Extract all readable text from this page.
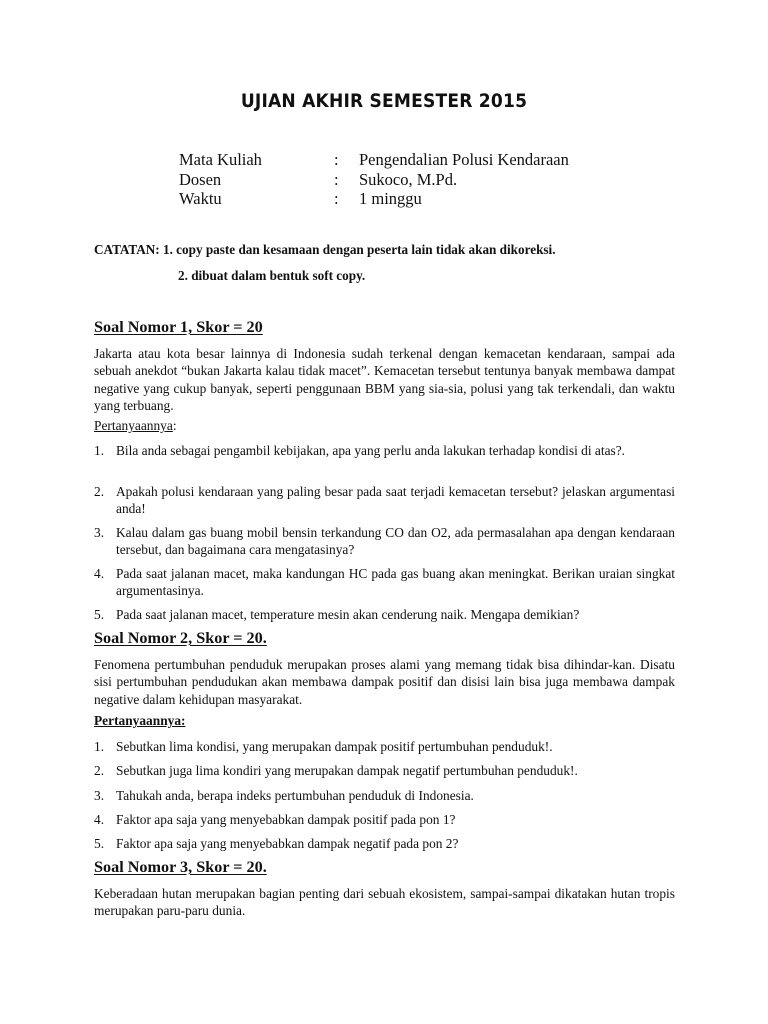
UJIAN AKHIR SEMESTER 2015
Mata Kuliah	:	Pengendalian Polusi Kendaraan
Dosen	:	Sukoco, M.Pd.
Waktu	:	1 minggu
CATATAN: 1. copy paste dan kesamaan dengan peserta lain tidak akan dikoreksi.
2. dibuat dalam bentuk soft copy.
Soal Nomor 1, Skor = 20
Jakarta atau kota besar lainnya di Indonesia sudah terkenal dengan kemacetan kendaraan, sampai ada sebuah anekdot “bukan Jakarta kalau tidak macet”. Kemacetan tersebut tentunya banyak membawa dampat negative yang cukup banyak, seperti penggunaan BBM yang sia-sia, polusi yang tak terkendali, dan waktu yang terbuang.
Pertanyaannya:
1. Bila anda sebagai pengambil kebijakan, apa yang perlu anda lakukan terhadap kondisi di atas?.
2. Apakah polusi kendaraan yang paling besar pada saat terjadi kemacetan tersebut? jelaskan argumentasi anda!
3. Kalau dalam gas buang mobil bensin terkandung CO dan O2, ada permasalahan apa dengan kendaraan tersebut, dan bagaimana cara mengatasinya?
4. Pada saat jalanan macet, maka kandungan HC pada gas buang akan meningkat. Berikan uraian singkat argumentasinya.
5. Pada saat jalanan macet, temperature mesin akan cenderung naik. Mengapa demikian?
Soal Nomor 2, Skor = 20.
Fenomena pertumbuhan penduduk merupakan proses alami yang memang tidak bisa dihindar-kan. Disatu sisi pertumbuhan pendudukan akan membawa dampak positif dan disisi lain bisa juga membawa dampak negative dalam kehidupan masyarakat.
Pertanyaannya:
1. Sebutkan lima kondisi, yang merupakan dampak positif pertumbuhan penduduk!.
2. Sebutkan juga lima kondiri yang merupakan dampak negatif pertumbuhan penduduk!.
3. Tahukah anda, berapa indeks pertumbuhan penduduk di Indonesia.
4. Faktor apa saja yang menyebabkan dampak positif pada pon 1?
5. Faktor apa saja yang menyebabkan dampak negatif pada pon 2?
Soal Nomor 3, Skor = 20.
Keberadaan hutan merupakan bagian penting dari sebuah ekosistem, sampai-sampai dikatakan hutan tropis merupakan paru-paru dunia.
